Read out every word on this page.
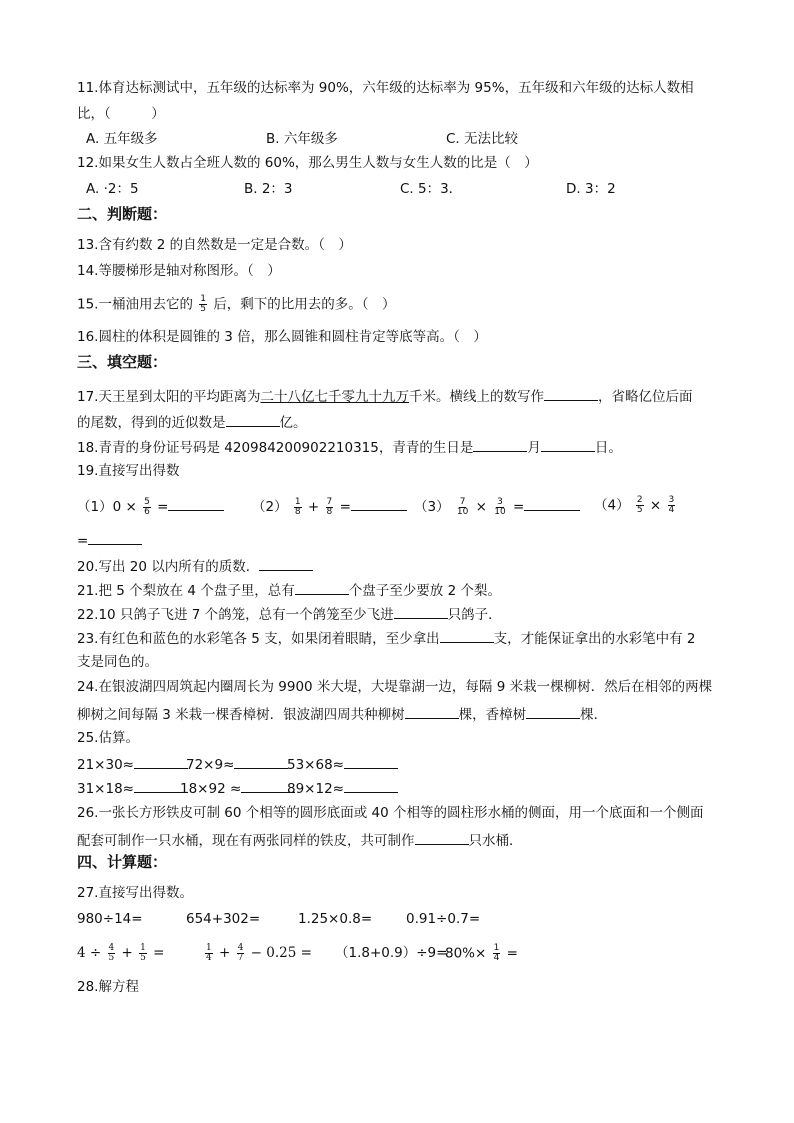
11.体育达标测试中，五年级的达标率为 90%，六年级的达标率为 95%，五年级和六年级的达标人数相
比，（　　　）
A. 五年级多	B. 六年级多	C. 无法比较
12.如果女生人数占全班人数的 60%，那么男生人数与女生人数的比是（　）
A. ·2：5	B. 2：3	C. 5：3．	D. 3：2
二、判断题：
13.含有约数 2 的自然数是一定是合数。（　）
14.等腰梯形是轴对称图形。（　）
15.一桶油用去它的 $\frac{1}{5}$ 后，剩下的比用去的多。（　）
16.圆柱的体积是圆锥的 3 倍，那么圆锥和圆柱肯定等底等高。（　）
三、填空题：
17.天王星到太阳的平均距离为二十八亿七千零九十九万千米。横线上的数写作	，省略亿位后面
的尾数，得到的近似数是	亿。
18.青青的身份证号码是 420984200902210315，青青的生日是	月	日。
19.直接写出得数
$(1)0 \times \frac{5}{6}$ =	$(2) \frac{1}{8} + \frac{7}{8}$ =	$(3) \frac{7}{10} \times \frac{3}{10}$ =	$(4) \frac{2}{5} \times \frac{3}{4}$
=
20.写出 20 以内所有的质数．
21.把 5 个梨放在 4 个盘子里，总有	个盘子至少要放 2 个梨。
22.10 只鸽子飞进 7 个鸽笼，总有一个鸽笼至少飞进	只鸽子．
23.有红色和蓝色的水彩笔各 5 支，如果闭着眼睛，至少拿出	支，才能保证拿出的水彩笔中有 2
支是同色的。
24.在银波湖四周筑起内圈周长为 9900 米大堤，大堤靠湖一边，每隔 9 米栽一棵柳树．然后在相邻的两棵
柳树之间每隔 3 米栽一棵香樟树．银波湖四周共种柳树	棵，香樟树	棵．
25.估算。
21×30≈	72×9≈	53×68≈
31×18≈	18×92 ≈	89×12≈
26.一张长方形铁皮可制 60 个相等的圆形底面或 40 个相等的圆柱形水桶的侧面，用一个底面和一个侧面
配套可制作一只水桶，现在有两张同样的铁皮，共可制作	只水桶．
四、计算题：
27.直接写出得数。
980÷14=	654+302=	1.25×0.8=	0.91÷0.7=
$4 \div \frac{4}{5} + \frac{1}{5}$ =	$\frac{1}{4} + \frac{4}{7} - 0.25 = (1.8+0.9)\div 9=$
$80\%\times \frac{1}{4}$ =
28.解方程
